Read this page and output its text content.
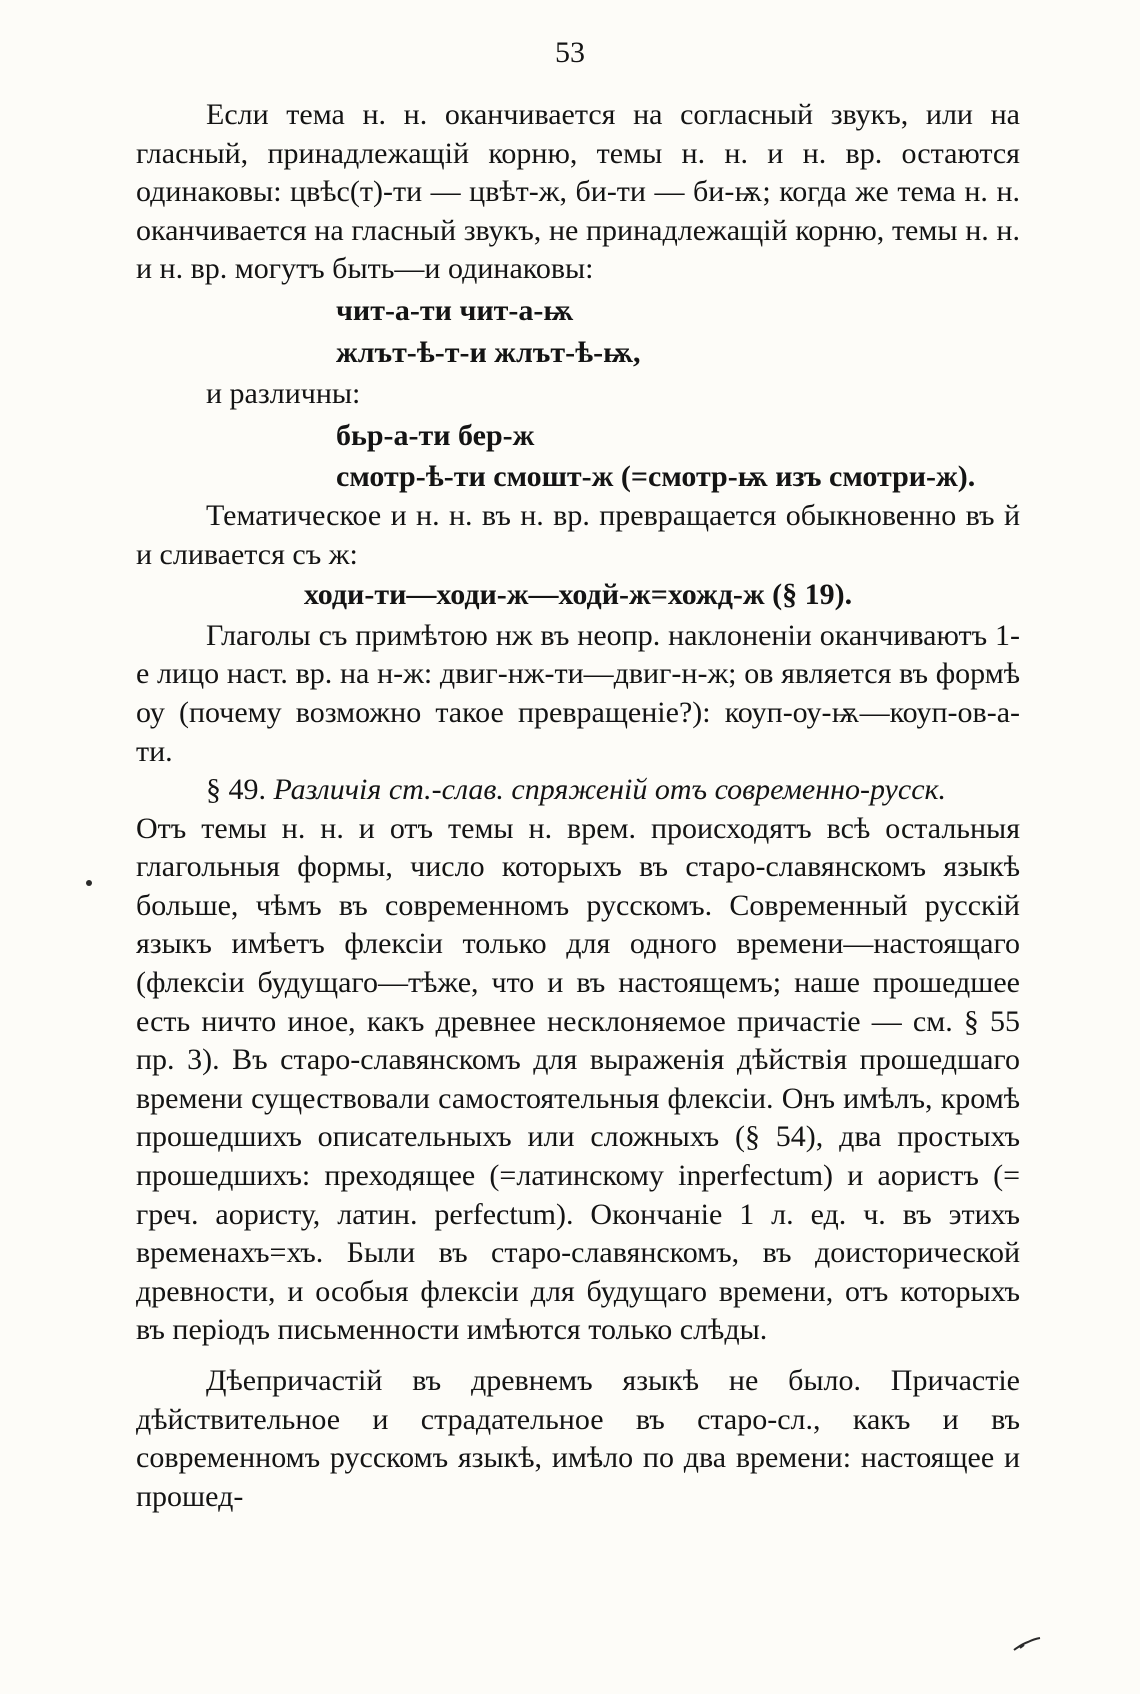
53

Если тема н. н. оканчивается на согласный звукъ, или на гласный, принадлежащій корню, темы н. н. и н. вр. остаются одинаковы: цвѣс(т)-ти — цвѣт-ж, би-ти — би-ѭ; когда же тема н. н. оканчивается на гласный звукъ, не принадлежащій корню, темы н. н. и н. вр. могутъ быть—и одинаковы:

чит-а-ти чит-а-ѭ

жлът-ѣ-т-и жлът-ѣ-ѭ,

и различны:

бьр-а-ти бер-ж

смотр-ѣ-ти смошт-ж (=смотр-ѭ изъ смотри-ж).

Тематическое и н. н. въ н. вр. превращается обыкновенно въ й и сливается съ ж:

ходи-ти—ходи-ж—ходй-ж=хожд-ж (§ 19).

Глаголы съ примѣтою нж въ неопр. наклоненіи оканчиваютъ 1-е лицо наст. вр. на н-ж: двиг-нж-ти—двиг-н-ж; ов является въ формѣ оу (почему возможно такое превращеніе?): коуп-оу-ѭ—коуп-ов-а-ти.

§ 49. Различія ст.-слав. спряженій отъ современно-русск.

Отъ темы н. н. и отъ темы н. врем. происходятъ всѣ остальныя глагольныя формы, число которыхъ въ старо-славянскомъ языкѣ больше, чѣмъ въ современномъ русскомъ. Современный русскій языкъ имѣетъ флексіи только для одного времени—настоящаго (флексіи будущаго—тѣже, что и въ настоящемъ; наше прошедшее есть ничто иное, какъ древнее несклоняемое причастіе — см. § 55 пр. 3). Въ старо-славянскомъ для выраженія дѣйствія прошедшаго времени существовали самостоятельныя флексіи. Онъ имѣлъ, кромѣ прошедшихъ описательныхъ или сложныхъ (§ 54), два простыхъ прошедшихъ: преходящее (=латинскому inperfectum) и аористъ (= греч. аористу, латин. perfectum). Окончаніе 1 л. ед. ч. въ этихъ временахъ=хъ. Были въ старо-славянскомъ, въ доисторической древности, и особыя флексіи для будущаго времени, отъ которыхъ въ періодъ письменности имѣются только слѣды.

Дѣепричастій въ древнемъ языкѣ не было. Причастіе дѣйствительное и страдательное въ старо-сл., какъ и въ современномъ русскомъ языкѣ, имѣло по два времени: настоящее и прошед-
